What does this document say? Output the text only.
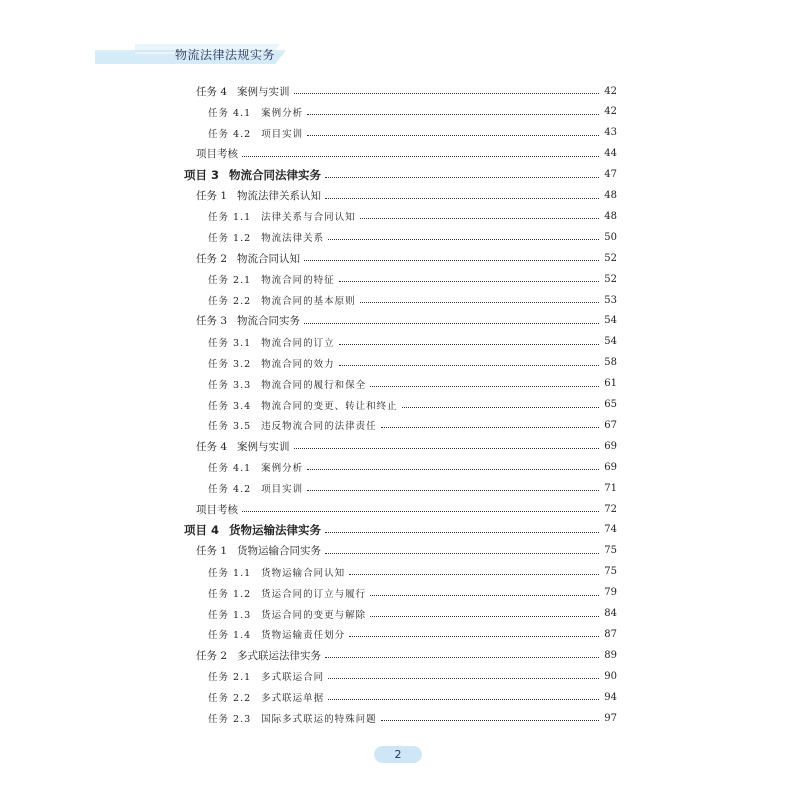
物流法律法规实务
任务 4 案例与实训	42
任务 4.1 案例分析	42
任务 4.2 项目实训	43
项目考核	44
项目 3 物流合同法律实务	47
任务 1 物流法律关系认知	48
任务 1.1 法律关系与合同认知	48
任务 1.2 物流法律关系	50
任务 2 物流合同认知	52
任务 2.1 物流合同的特征	52
任务 2.2 物流合同的基本原则	53
任务 3 物流合同实务	54
任务 3.1 物流合同的订立	54
任务 3.2 物流合同的效力	58
任务 3.3 物流合同的履行和保全	61
任务 3.4 物流合同的变更、转让和终止	65
任务 3.5 违反物流合同的法律责任	67
任务 4 案例与实训	69
任务 4.1 案例分析	69
任务 4.2 项目实训	71
项目考核	72
项目 4 货物运输法律实务	74
任务 1 货物运输合同实务	75
任务 1.1 货物运输合同认知	75
任务 1.2 货运合同的订立与履行	79
任务 1.3 货运合同的变更与解除	84
任务 1.4 货物运输责任划分	87
任务 2 多式联运法律实务	89
任务 2.1 多式联运合同	90
任务 2.2 多式联运单据	94
任务 2.3 国际多式联运的特殊问题	97
2
